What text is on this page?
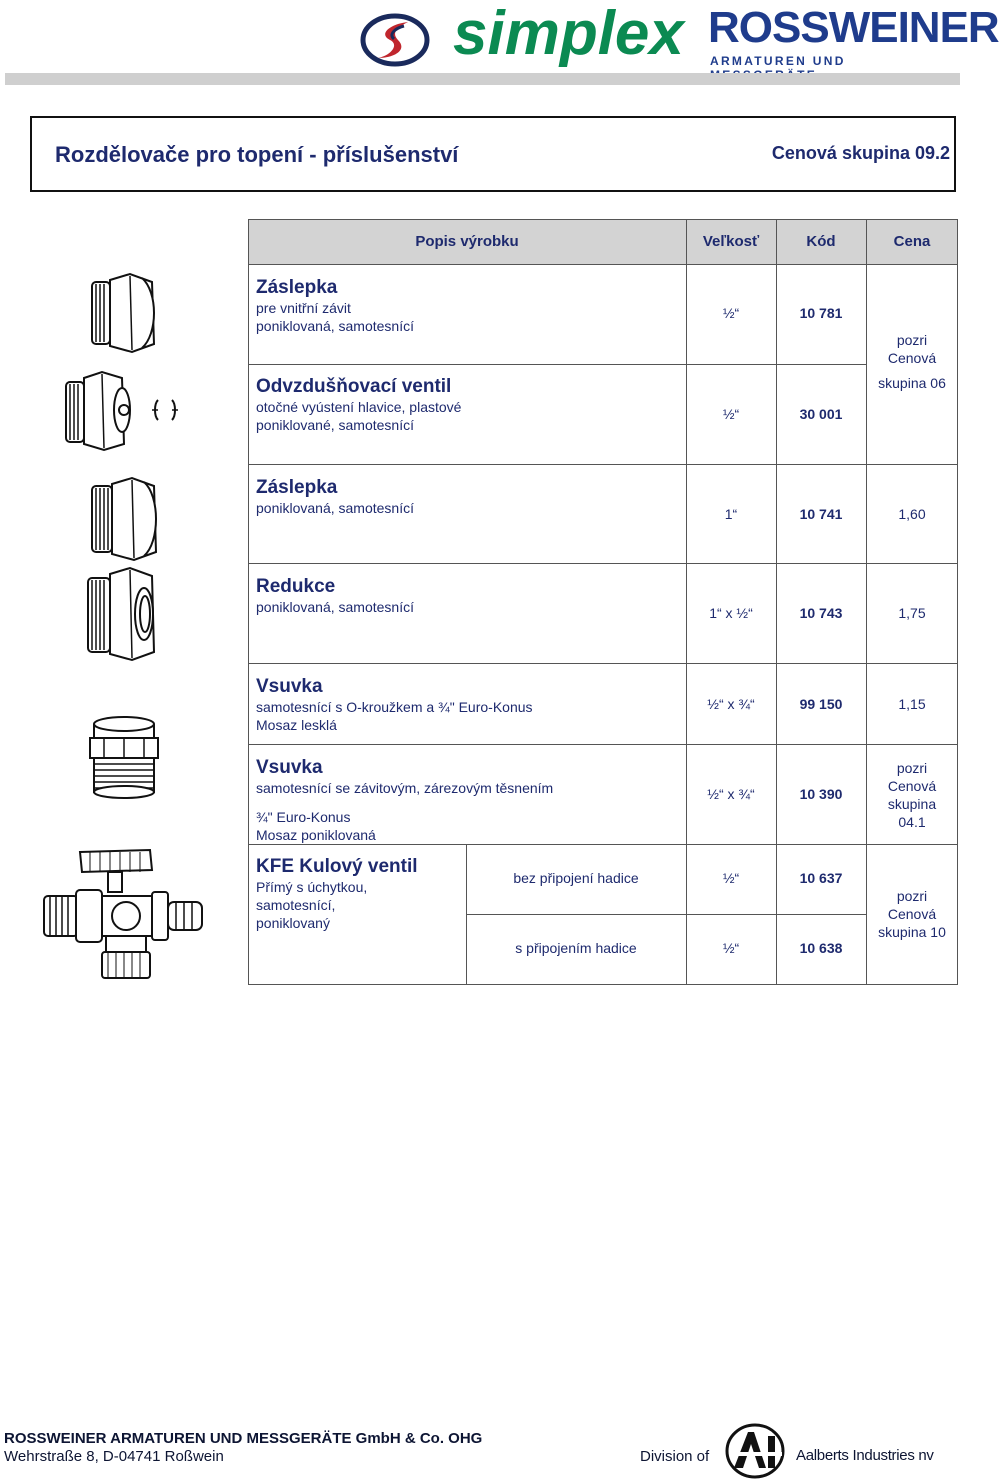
simplex ROSSWEINER
ARMATUREN UND
Rozdělovače pro topení - příslušenství	Cenová skupina 09.2
Popis výrobku	Veľkosť	Kód	Cena
Záslepka
pre vnitřní závit
poniklovaná, samotesnící
½“	10 781
Odvzdušňovací ventil
otočné vyústení hlavice, plastové
poniklované, samotesnící
½“	30 001
pozri
Cenová
skupina 06
Záslepka
poniklovaná, samotesnící	1“	10 741	1,60
Redukce
poniklovaná, samotesnící	1“ x ½“	10 743	1,75
Vsuvka
samotesnící s O-kroužkem a ¾" Euro-Konus
Mosaz lesklá
½“ x ¾“	99 150	1,15
Vsuvka
samotesnící se závitovým, zárezovým těsnením
¾" Euro-Konus
Mosaz poniklovaná
½“ x ¾“	10 390
pozri
Cenová
skupina
04.1
KFE Kulový ventil
Přímý s úchytkou,
samotesnící,
poniklovaný
bez připojení hadice	½“	10 637
s připojením hadice	½“	10 638
pozri
Cenová
skupina 10
ROSSWEINER ARMATUREN UND MESSGERÄTE GmbH & Co. OHG
Wehrstraße 8, D-04741 Roßwein	Division of	Aalberts Industries nv
